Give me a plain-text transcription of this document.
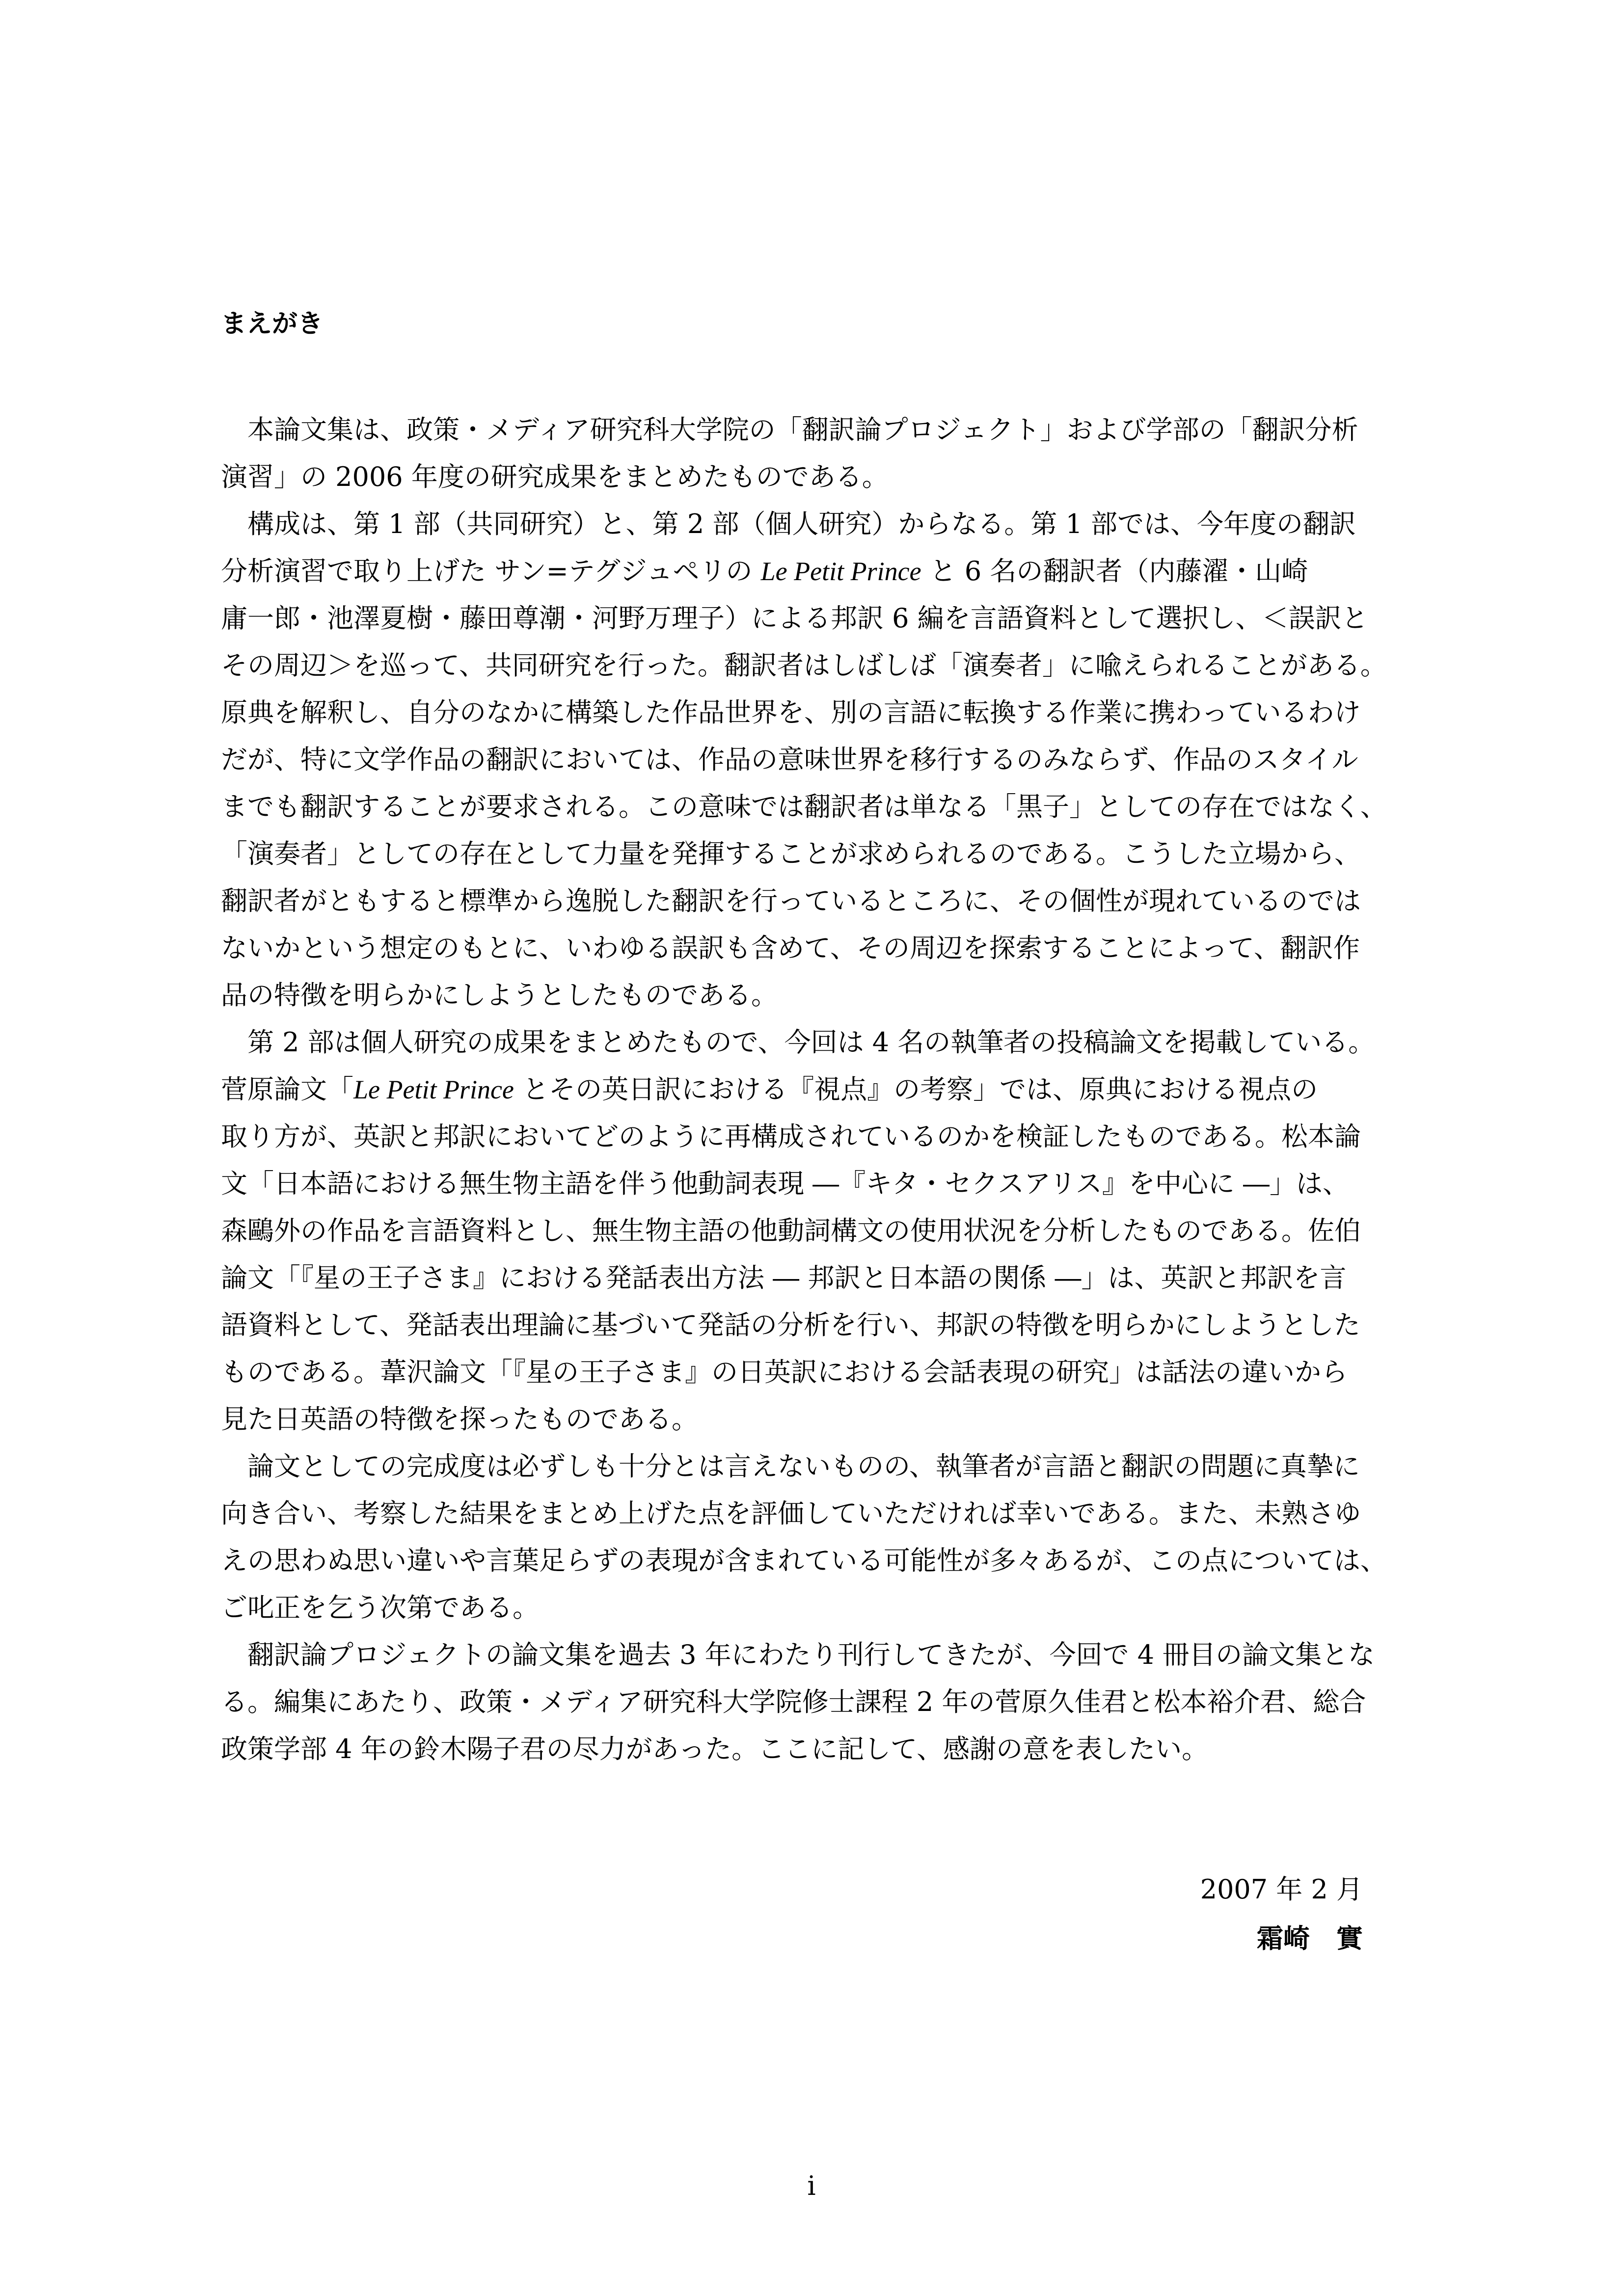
まえがき
　本論文集は、政策・メディア研究科大学院の「翻訳論プロジェクト」および学部の「翻訳分析
演習」の 2006 年度の研究成果をまとめたものである。
　構成は、第 1 部（共同研究）と、第 2 部（個人研究）からなる。第 1 部では、今年度の翻訳
分析演習で取り上げた サン=テグジュペリの Le Petit Prince と 6 名の翻訳者（内藤濯・山崎
庸一郎・池澤夏樹・藤田尊潮・河野万理子）による邦訳 6 編を言語資料として選択し、＜誤訳と
その周辺＞を巡って、共同研究を行った。翻訳者はしばしば「演奏者」に喩えられることがある。
原典を解釈し、自分のなかに構築した作品世界を、別の言語に転換する作業に携わっているわけ
だが、特に文学作品の翻訳においては、作品の意味世界を移行するのみならず、作品のスタイル
までも翻訳することが要求される。この意味では翻訳者は単なる「黒子」としての存在ではなく、
「演奏者」としての存在として力量を発揮することが求められるのである。こうした立場から、
翻訳者がともすると標準から逸脱した翻訳を行っているところに、その個性が現れているのでは
ないかという想定のもとに、いわゆる誤訳も含めて、その周辺を探索することによって、翻訳作
品の特徴を明らかにしようとしたものである。
　第 2 部は個人研究の成果をまとめたもので、今回は 4 名の執筆者の投稿論文を掲載している。
菅原論文「Le Petit Prince とその英日訳における『視点』の考察」では、原典における視点の
取り方が、英訳と邦訳においてどのように再構成されているのかを検証したものである。松本論
文「日本語における無生物主語を伴う他動詞表現 ―『キタ・セクスアリス』を中心に ―」は、
森鷗外の作品を言語資料とし、無生物主語の他動詞構文の使用状況を分析したものである。佐伯
論文「『星の王子さま』における発話表出方法 ― 邦訳と日本語の関係 ―」は、英訳と邦訳を言
語資料として、発話表出理論に基づいて発話の分析を行い、邦訳の特徴を明らかにしようとした
ものである。葦沢論文「『星の王子さま』の日英訳における会話表現の研究」は話法の違いから
見た日英語の特徴を探ったものである。
　論文としての完成度は必ずしも十分とは言えないものの、執筆者が言語と翻訳の問題に真摯に
向き合い、考察した結果をまとめ上げた点を評価していただければ幸いである。また、未熟さゆ
えの思わぬ思い違いや言葉足らずの表現が含まれている可能性が多々あるが、この点については、
ご叱正を乞う次第である。
　翻訳論プロジェクトの論文集を過去 3 年にわたり刊行してきたが、今回で 4 冊目の論文集とな
る。編集にあたり、政策・メディア研究科大学院修士課程 2 年の菅原久佳君と松本裕介君、総合
政策学部 4 年の鈴木陽子君の尽力があった。ここに記して、感謝の意を表したい。
2007 年 2 月
霜崎　實
i
